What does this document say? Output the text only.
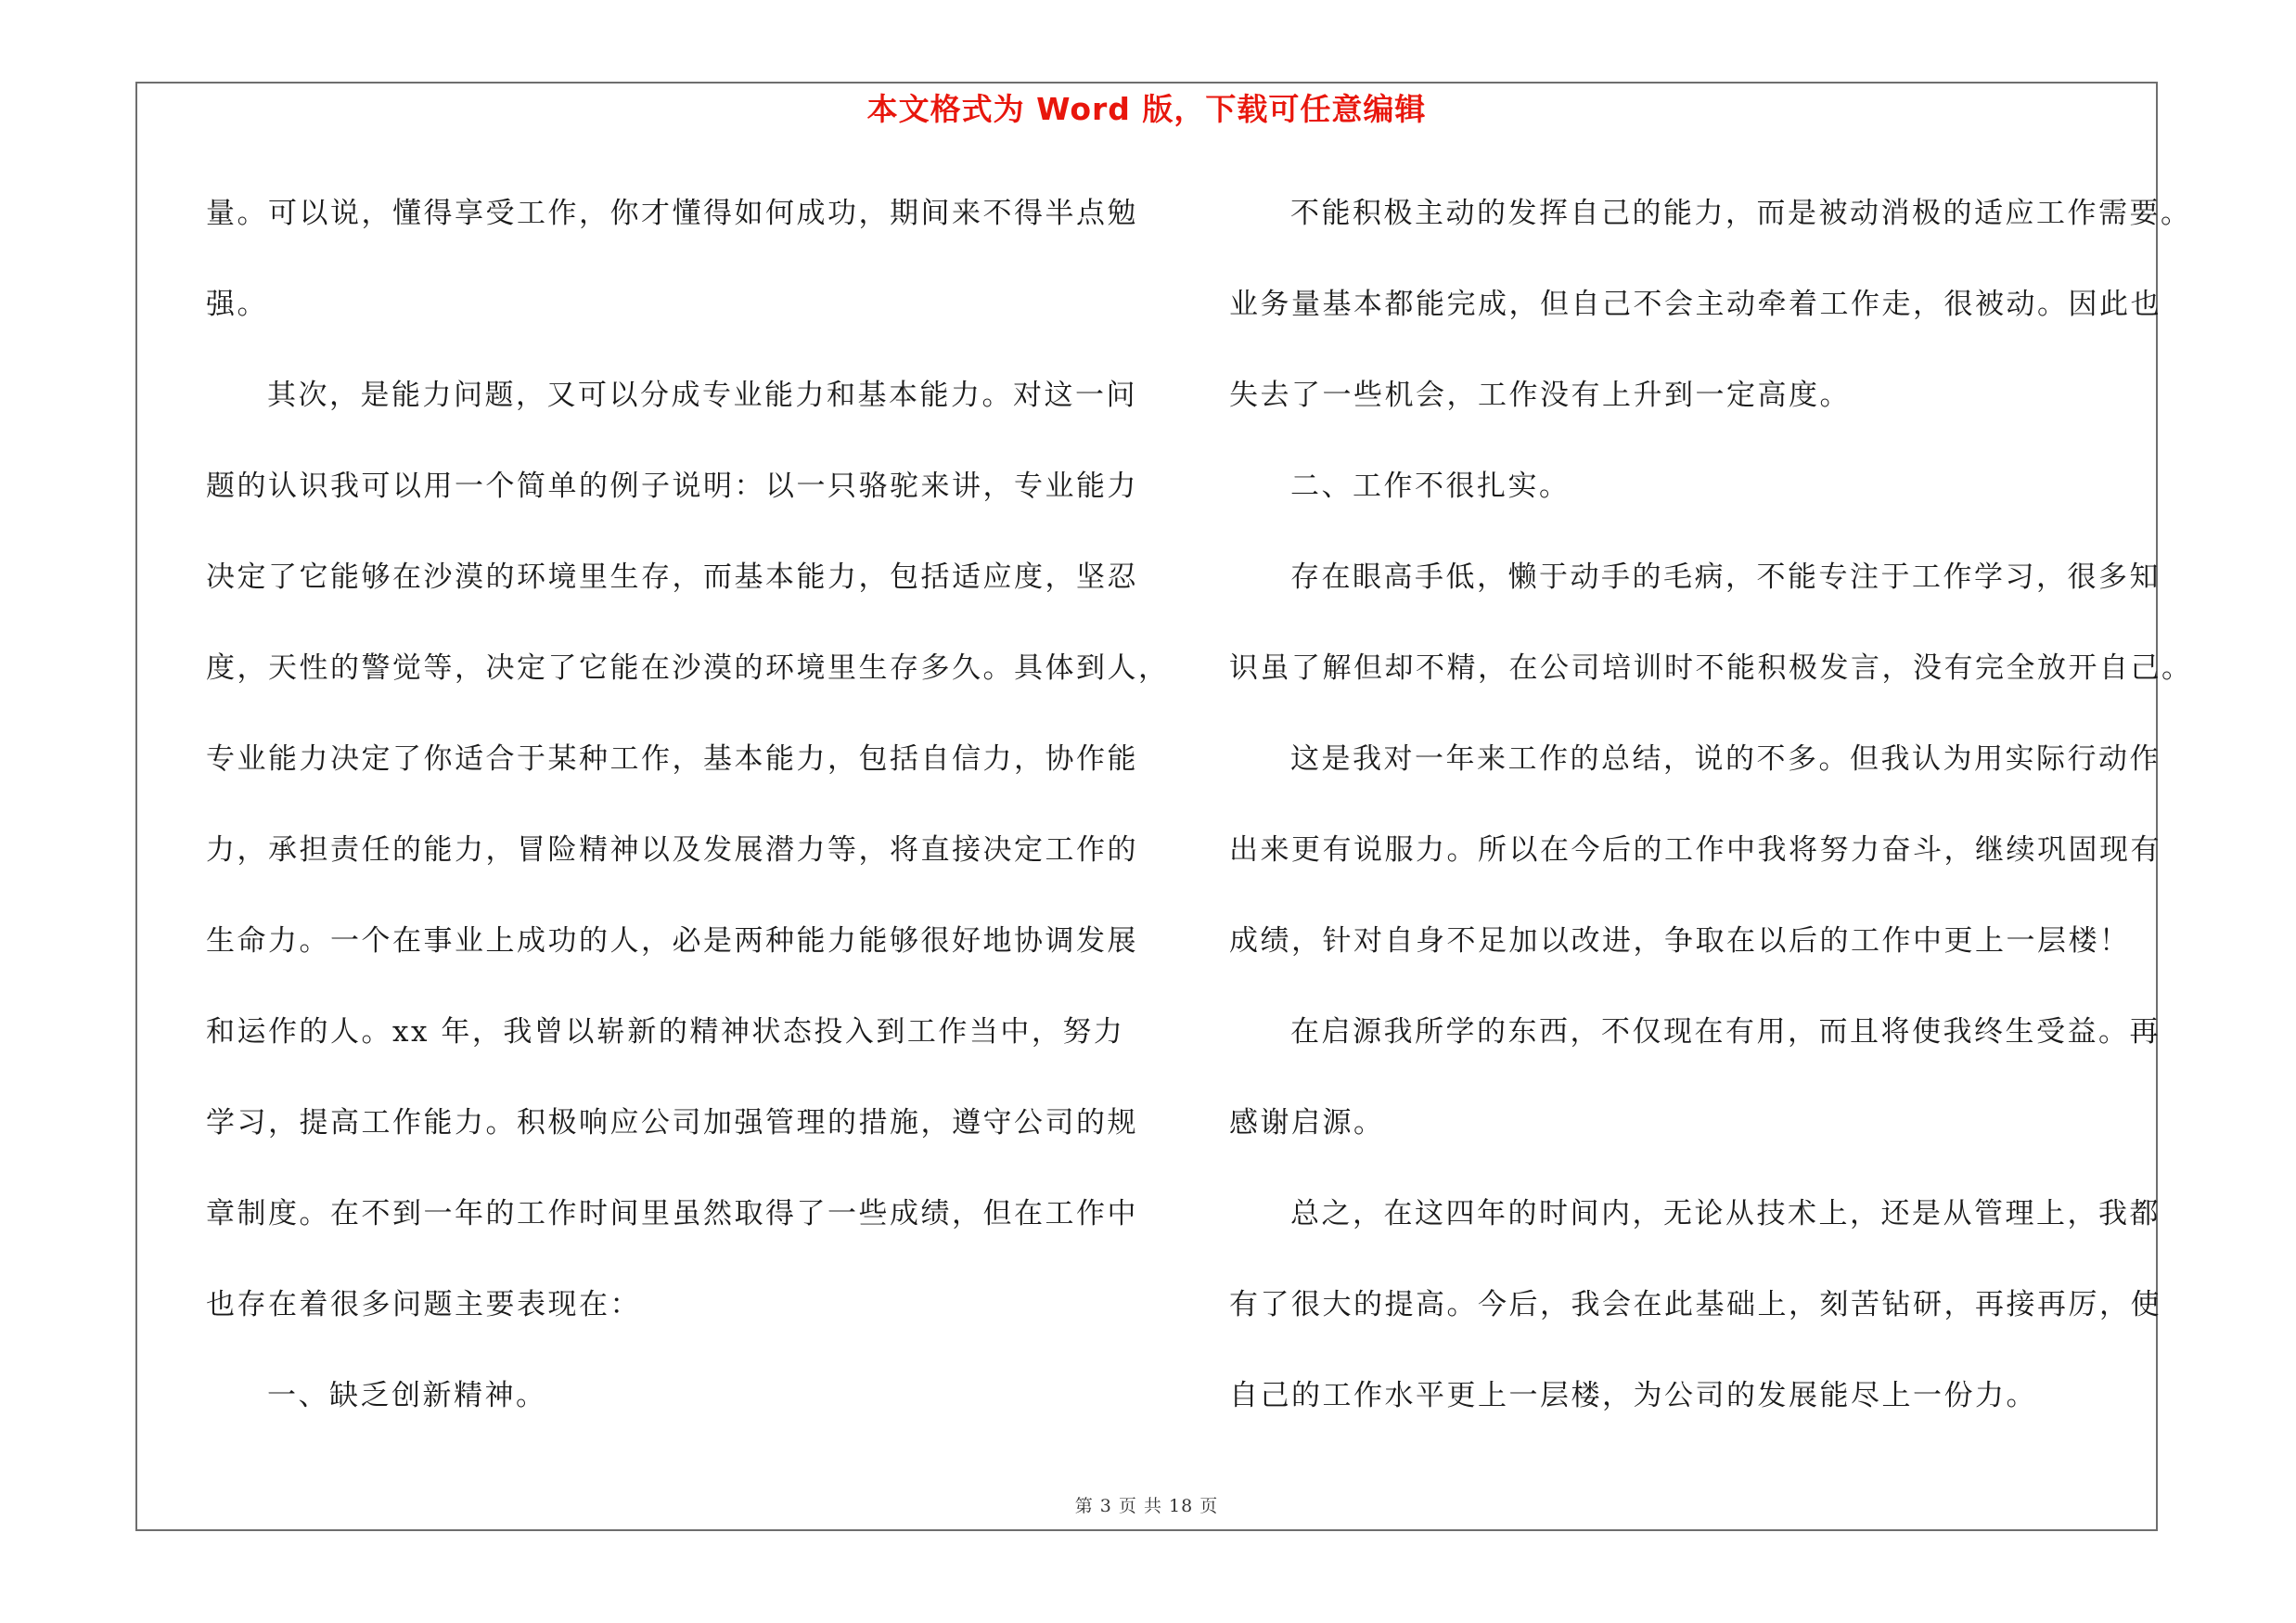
本文格式为 Word 版，下载可任意编辑
量。可以说，懂得享受工作，你才懂得如何成功，期间来不得半点勉
强。
其次，是能力问题，又可以分成专业能力和基本能力。对这一问
题的认识我可以用一个简单的例子说明：以一只骆驼来讲，专业能力
决定了它能够在沙漠的环境里生存，而基本能力，包括适应度，坚忍
度，天性的警觉等，决定了它能在沙漠的环境里生存多久。具体到人，
专业能力决定了你适合于某种工作，基本能力，包括自信力，协作能
力，承担责任的能力，冒险精神以及发展潜力等，将直接决定工作的
生命力。一个在事业上成功的人，必是两种能力能够很好地协调发展
和运作的人。xx 年，我曾以崭新的精神状态投入到工作当中，努力
学习，提高工作能力。积极响应公司加强管理的措施，遵守公司的规
章制度。在不到一年的工作时间里虽然取得了一些成绩，但在工作中
也存在着很多问题主要表现在：
一、缺乏创新精神。
不能积极主动的发挥自己的能力，而是被动消极的适应工作需要。
业务量基本都能完成，但自己不会主动牵着工作走，很被动。因此也
失去了一些机会，工作没有上升到一定高度。
二、工作不很扎实。
存在眼高手低，懒于动手的毛病，不能专注于工作学习，很多知
识虽了解但却不精，在公司培训时不能积极发言，没有完全放开自己。
这是我对一年来工作的总结，说的不多。但我认为用实际行动作
出来更有说服力。所以在今后的工作中我将努力奋斗，继续巩固现有
成绩，针对自身不足加以改进，争取在以后的工作中更上一层楼！
在启源我所学的东西，不仅现在有用，而且将使我终生受益。再
感谢启源。
总之，在这四年的时间内，无论从技术上，还是从管理上，我都
有了很大的提高。今后，我会在此基础上，刻苦钻研，再接再厉，使
自己的工作水平更上一层楼，为公司的发展能尽上一份力。
第 3 页 共 18 页
